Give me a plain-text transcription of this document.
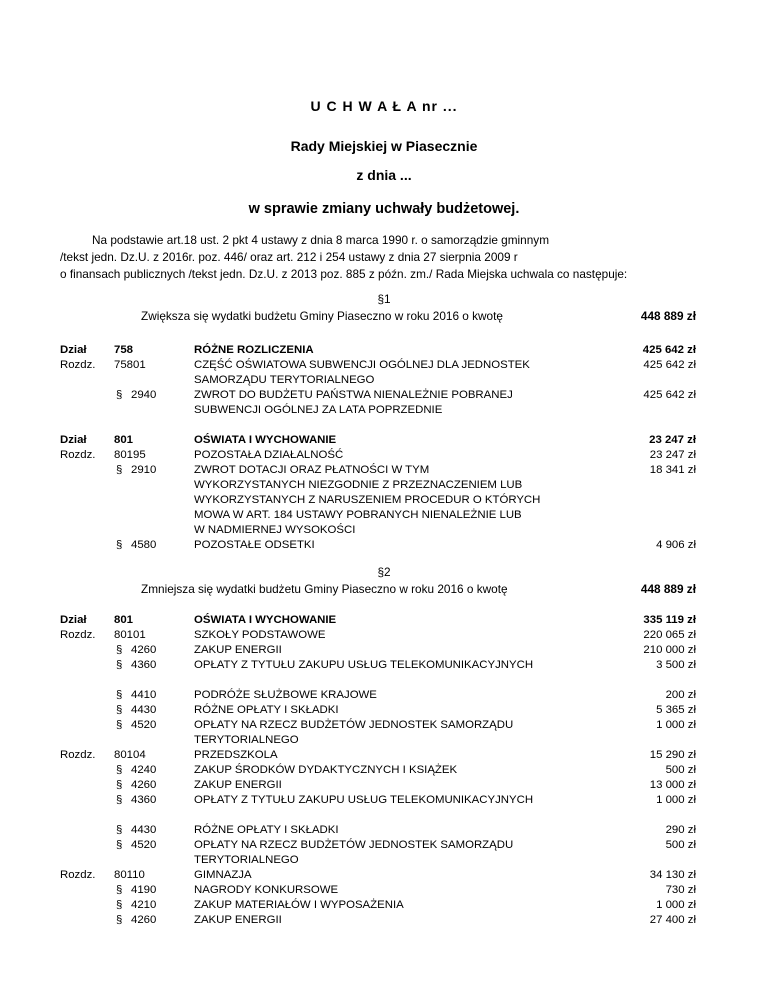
U C H W A Ł A nr ...
Rady Miejskiej w Piasecznie
z dnia ...
w sprawie zmiany uchwały budżetowej.
Na podstawie art.18 ust. 2 pkt 4 ustawy z dnia 8 marca 1990 r. o samorządzie gminnym
/tekst jedn. Dz.U. z 2016r. poz. 446/ oraz art. 212 i 254 ustawy z dnia 27 sierpnia 2009 r
o finansach publicznych /tekst jedn. Dz.U. z 2013 poz. 885 z późn. zm./ Rada Miejska uchwala co następuje:
§1
Zwiększa się wydatki budżetu Gminy Piaseczno w roku 2016 o kwotę	448 889 zł
Dział 758	RÓŻNE ROZLICZENIA	425 642 zł
Rozdz. 75801	CZĘŚĆ OŚWIATOWA SUBWENCJI OGÓLNEJ DLA JEDNOSTEK	425 642 zł
SAMORZĄDU TERYTORIALNEGO
§ 2940	ZWROT DO BUDŻETU PAŃSTWA NIENALEŻNIE POBRANEJ	425 642 zł
SUBWENCJI OGÓLNEJ ZA LATA POPRZEDNIE
Dział 801	OŚWIATA I WYCHOWANIE	23 247 zł
Rozdz. 80195	POZOSTAŁA DZIAŁALNOŚĆ	23 247 zł
§ 2910	ZWROT DOTACJI ORAZ PŁATNOŚCI W TYM	18 341 zł
WYKORZYSTANYCH NIEZGODNIE Z PRZEZNACZENIEM LUB
WYKORZYSTANYCH Z NARUSZENIEM PROCEDUR O KTÓRYCH
MOWA W ART. 184 USTAWY POBRANYCH NIENALEŻNIE LUB
W NADMIERNEJ WYSOKOŚCI
§ 4580	POZOSTAŁE ODSETKI	4 906 zł
§2
Zmniejsza się wydatki budżetu Gminy Piaseczno w roku 2016 o kwotę	448 889 zł
Dział 801	OŚWIATA I WYCHOWANIE	335 119 zł
Rozdz. 80101	SZKOŁY PODSTAWOWE	220 065 zł
§ 4260	ZAKUP ENERGII	210 000 zł
§ 4360	OPŁATY Z TYTUŁU ZAKUPU USŁUG TELEKOMUNIKACYJNYCH	3 500 zł
§ 4410	PODRÓŻE SŁUŻBOWE KRAJOWE	200 zł
§ 4430	RÓŻNE OPŁATY I SKŁADKI	5 365 zł
§ 4520	OPŁATY NA RZECZ BUDŻETÓW JEDNOSTEK SAMORZĄDU	1 000 zł
TERYTORIALNEGO
Rozdz. 80104	PRZEDSZKOLA	15 290 zł
§ 4240	ZAKUP ŚRODKÓW DYDAKTYCZNYCH I KSIĄŻEK	500 zł
§ 4260	ZAKUP ENERGII	13 000 zł
§ 4360	OPŁATY Z TYTUŁU ZAKUPU USŁUG TELEKOMUNIKACYJNYCH	1 000 zł
§ 4430	RÓŻNE OPŁATY I SKŁADKI	290 zł
§ 4520	OPŁATY NA RZECZ BUDŻETÓW JEDNOSTEK SAMORZĄDU	500 zł
TERYTORIALNEGO
Rozdz. 80110	GIMNAZJA	34 130 zł
§ 4190	NAGRODY KONKURSOWE	730 zł
§ 4210	ZAKUP MATERIAŁÓW I WYPOSAŻENIA	1 000 zł
§ 4260	ZAKUP ENERGII	27 400 zł
